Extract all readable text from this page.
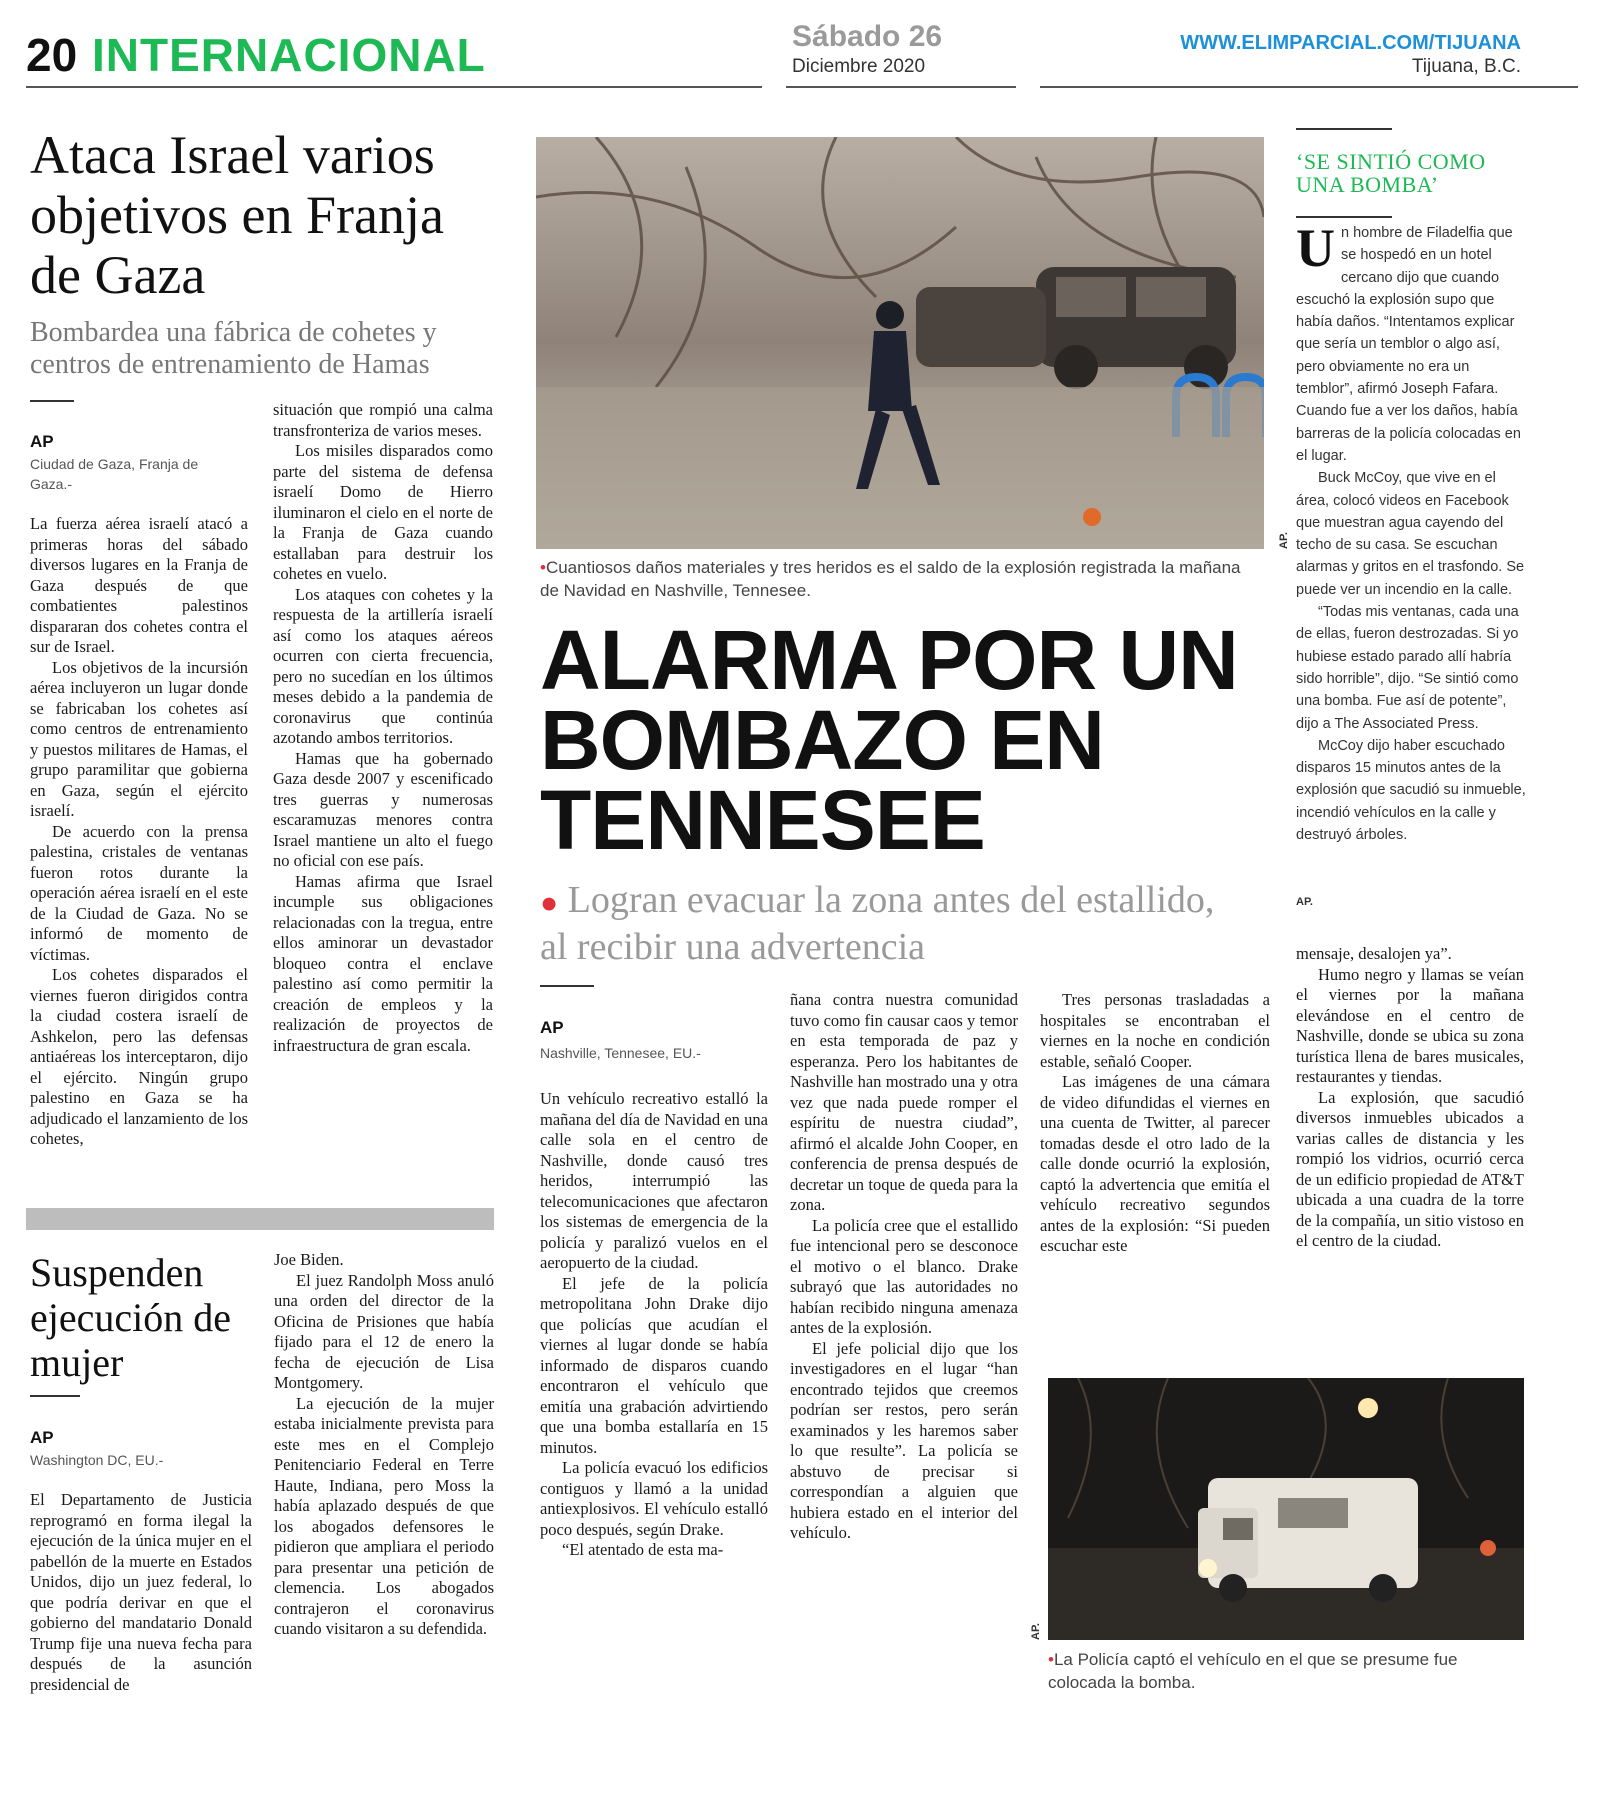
20 INTERNACIONAL	Sábado 26
Diciembre 2020
WWW.ELIMPARCIAL.COM/TIJUANA
Tijuana, B.C.
Ataca Israel varios objetivos en Franja de Gaza
Bombardea una fábrica de cohetes y centros de entrenamiento de Hamas
AP
Ciudad de Gaza, Franja de Gaza.-

La fuerza aérea israelí atacó a primeras horas del sábado diversos lugares en la Franja de Gaza después de que combatientes palestinos dispararan dos cohetes contra el sur de Israel.

Los objetivos de la incursión aérea incluyeron un lugar donde se fabricaban los cohetes así como centros de entrenamiento y puestos militares de Hamas, el grupo paramilitar que gobierna en Gaza, según el ejército israelí.

De acuerdo con la prensa palestina, cristales de ventanas fueron rotos durante la operación aérea israelí en el este de la Ciudad de Gaza. No se informó de momento de víctimas.

Los cohetes disparados el viernes fueron dirigidos contra la ciudad costera israelí de Ashkelon, pero las defensas antiaéreas los interceptaron, dijo el ejército. Ningún grupo palestino en Gaza se ha adjudicado el lanzamiento de los cohetes,

situación que rompió una calma transfronteriza de varios meses.

Los misiles disparados como parte del sistema de defensa israelí Domo de Hierro iluminaron el cielo en el norte de la Franja de Gaza cuando estallaban para destruir los cohetes en vuelo.

Los ataques con cohetes y la respuesta de la artillería israelí así como los ataques aéreos ocurren con cierta frecuencia, pero no sucedían en los últimos meses debido a la pandemia de coronavirus que continúa azotando ambos territorios.

Hamas que ha gobernado Gaza desde 2007 y escenificado tres guerras y numerosas escaramuzas menores contra Israel mantiene un alto el fuego no oficial con ese país.

Hamas afirma que Israel incumple sus obligaciones relacionadas con la tregua, entre ellos aminorar un devastador bloqueo contra el enclave palestino así como permitir la creación de empleos y la realización de proyectos de infraestructura de gran escala.

Suspenden ejecución de mujer
AP
Washington DC, EU.-

El Departamento de Justicia reprogramó en forma ilegal la ejecución de la única mujer en el pabellón de la muerte en Estados Unidos, dijo un juez federal, lo que podría derivar en que el gobierno del mandatario Donald Trump fije una nueva fecha para después de la asunción presidencial de

Joe Biden.

El juez Randolph Moss anuló una orden del director de la Oficina de Prisiones que había fijado para el 12 de enero la fecha de ejecución de Lisa Montgomery.

La ejecución de la mujer estaba inicialmente prevista para este mes en el Complejo Penitenciario Federal en Terre Haute, Indiana, pero Moss la había aplazado después de que los abogados defensores le pidieron que ampliara el periodo para presentar una petición de clemencia. Los abogados contrajeron el coronavirus cuando visitaron a su defendida.

AP.
•Cuantiosos daños materiales y tres heridos es el saldo de la explosión registrada la mañana de Navidad en Nashville, Tennesee.
ALARMA POR UN BOMBAZO EN TENNESEE
● Logran evacuar la zona antes del estallido, al recibir una advertencia
AP
Nashville, Tennesee, EU.-

Un vehículo recreativo estalló la mañana del día de Navidad en una calle sola en el centro de Nashville, donde causó tres heridos, interrumpió las telecomunicaciones que afectaron los sistemas de emergencia de la policía y paralizó vuelos en el aeropuerto de la ciudad.

El jefe de la policía metropolitana John Drake dijo que policías que acudían el viernes al lugar donde se había informado de disparos cuando encontraron el vehículo que emitía una grabación advirtiendo que una bomba estallaría en 15 minutos.

La policía evacuó los edificios contiguos y llamó a la unidad antiexplosivos. El vehículo estalló poco después, según Drake.

“El atentado de esta ma-

ñana contra nuestra comunidad tuvo como fin causar caos y temor en esta temporada de paz y esperanza. Pero los habitantes de Nashville han mostrado una y otra vez que nada puede romper el espíritu de nuestra ciudad”, afirmó el alcalde John Cooper, en conferencia de prensa después de decretar un toque de queda para la zona.

La policía cree que el estallido fue intencional pero se desconoce el motivo o el blanco. Drake subrayó que las autoridades no habían recibido ninguna amenaza antes de la explosión.

El jefe policial dijo que los investigadores en el lugar “han encontrado tejidos que creemos podrían ser restos, pero serán examinados y les haremos saber lo que resulte”. La policía se abstuvo de precisar si correspondían a alguien que hubiera estado en el interior del vehículo.

Tres personas trasladadas a hospitales se encontraban el viernes en la noche en condición estable, señaló Cooper.

Las imágenes de una cámara de video difundidas el viernes en una cuenta de Twitter, al parecer tomadas desde el otro lado de la calle donde ocurrió la explosión, captó la advertencia que emitía el vehículo recreativo segundos antes de la explosión: “Si pueden escuchar este

mensaje, desalojen ya”.

Humo negro y llamas se veían el viernes por la mañana elevándose en el centro de Nashville, donde se ubica su zona turística llena de bares musicales, restaurantes y tiendas.

La explosión, que sacudió diversos inmuebles ubicados a varias calles de distancia y les rompió los vidrios, ocurrió cerca de un edificio propiedad de AT&T ubicada a una cuadra de la torre de la compañía, un sitio vistoso en el centro de la ciudad.

AP.
•La Policía captó el vehículo en el que se presume fue colocada la bomba.
‘SE SINTIÓ COMO UNA BOMBA’

Un hombre de Filadelfia que se hospedó en un hotel cercano dijo que cuando escuchó la explosión supo que había daños. “Intentamos explicar que sería un temblor o algo así, pero obviamente no era un temblor”, afirmó Joseph Fafara. Cuando fue a ver los daños, había barreras de la policía colocadas en el lugar.

Buck McCoy, que vive en el área, colocó videos en Facebook que muestran agua cayendo del techo de su casa. Se escuchan alarmas y gritos en el trasfondo. Se puede ver un incendio en la calle.

“Todas mis ventanas, cada una de ellas, fueron destrozadas. Si yo hubiese estado parado allí habría sido horrible”, dijo. “Se sintió como una bomba. Fue así de potente”, dijo a The Associated Press.

McCoy dijo haber escuchado disparos 15 minutos antes de la explosión que sacudió su inmueble, incendió vehículos en la calle y destruyó árboles.

AP.
